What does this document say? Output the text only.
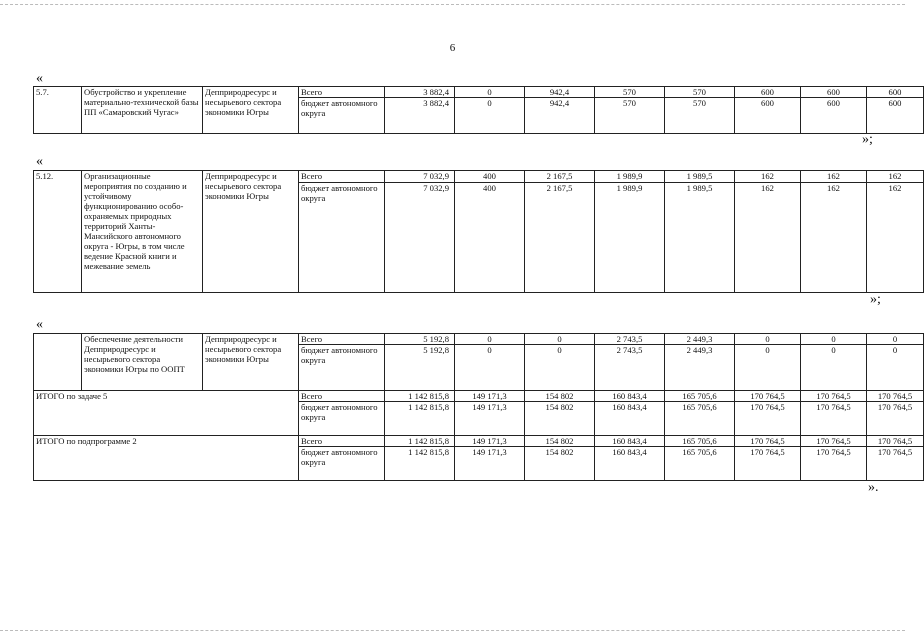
6
«
5.7.	Обустройство и укрепление материально-технической базы ПП «Самаровский Чугас»	Депприродресурс и несырьевого сектора экономики Югры	Всего	3 882,4	0	942,4	570	570	600	600	600
			бюджет автономного округа	3 882,4	0	942,4	570	570	600	600	600
»;
«
5.12.	Организационные мероприятия по созданию и устойчивому функционированию особо-охраняемых природных территорий Ханты-Мансийского автономного округа - Югры, в том числе ведение Красной книги и межевание земель	Депприродресурс и несырьевого сектора экономики Югры	Всего	7 032,9	400	2 167,5	1 989,9	1 989,5	162	162	162
			бюджет автономного округа	7 032,9	400	2 167,5	1 989,9	1 989,5	162	162	162
»;
«
	Обеспечение деятельности Депприродресурс и несырьевого сектора экономики Югры по ООПТ	Депприродресурс и несырьевого сектора экономики Югры	Всего	5 192,8	0	0	2 743,5	2 449,3	0	0	0
			бюджет автономного округа	5 192,8	0	0	2 743,5	2 449,3	0	0	0
ИТОГО по задаче 5			Всего	1 142 815,8	149 171,3	154 802	160 843,4	165 705,6	170 764,5	170 764,5	170 764,5
			бюджет автономного округа	1 142 815,8	149 171,3	154 802	160 843,4	165 705,6	170 764,5	170 764,5	170 764,5
ИТОГО по подпрограмме 2			Всего	1 142 815,8	149 171,3	154 802	160 843,4	165 705,6	170 764,5	170 764,5	170 764,5
			бюджет автономного округа	1 142 815,8	149 171,3	154 802	160 843,4	165 705,6	170 764,5	170 764,5	170 764,5
».
